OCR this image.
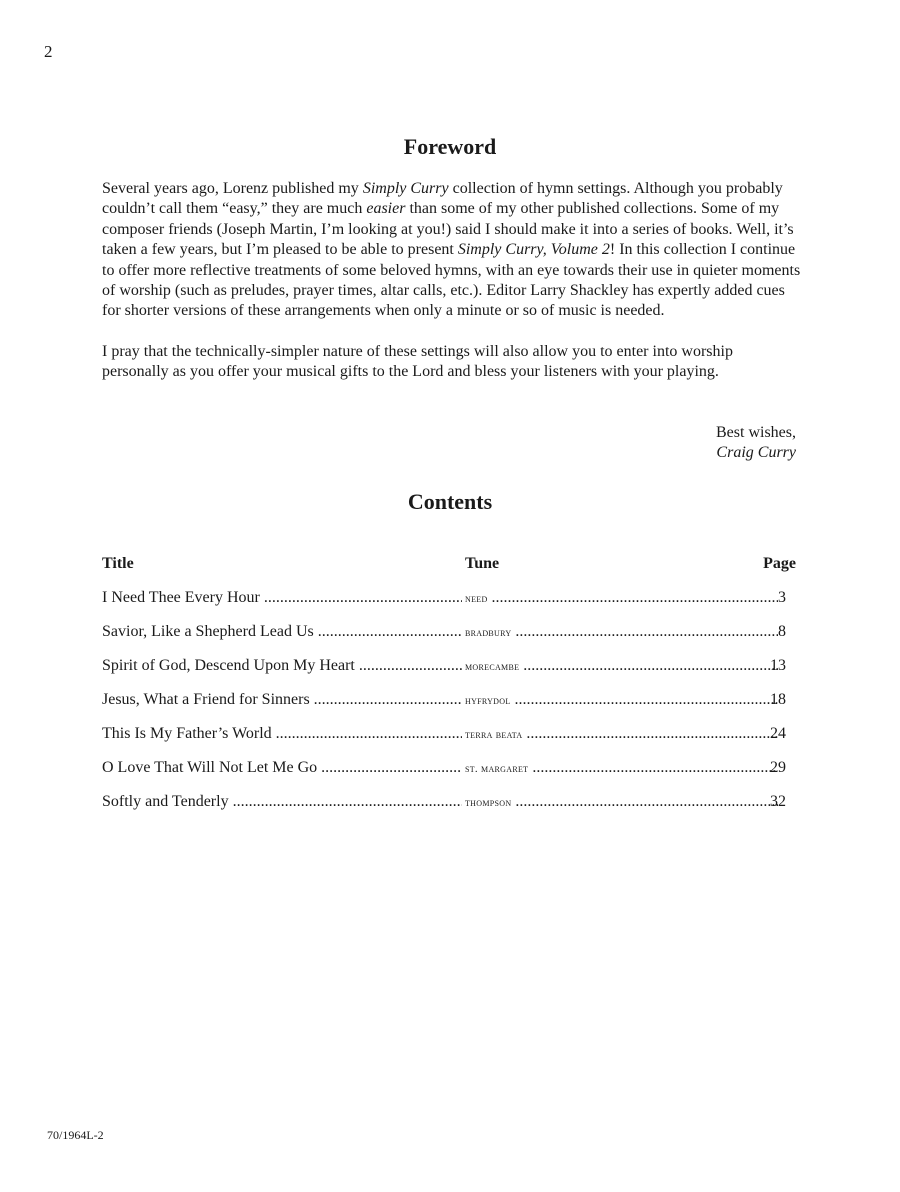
2
Foreword

Several years ago, Lorenz published my Simply Curry collection of hymn settings. Although you probably couldn’t call them “easy,” they are much easier than some of my other published collections. Some of my composer friends (Joseph Martin, I’m looking at you!) said I should make it into a series of books. Well, it’s taken a few years, but I’m pleased to be able to present Simply Curry, Volume 2! In this collection I continue to offer more reflective treatments of some beloved hymns, with an eye towards their use in quieter moments of worship (such as preludes, prayer times, altar calls, etc.). Editor Larry Shackley has expertly added cues for shorter versions of these arrangements when only a minute or so of music is needed.

I pray that the technically-simpler nature of these settings will also allow you to enter into worship personally as you offer your musical gifts to the Lord and bless your listeners with your playing.

Best wishes,
Craig Curry
Contents
Title	Tune	Page
I Need Thee Every Hour .....	need .....	3
Savior, Like a Shepherd Lead Us .....	bradbury .....	8
Spirit of God, Descend Upon My Heart .....	morecambe .....	13
Jesus, What a Friend for Sinners .....	hyfrydol .....	18
This Is My Father’s World .....	terra beata .....	24
O Love That Will Not Let Me Go .....	st. margaret .....	29
Softly and Tenderly .....	thompson .....	32
70/1964L-2
